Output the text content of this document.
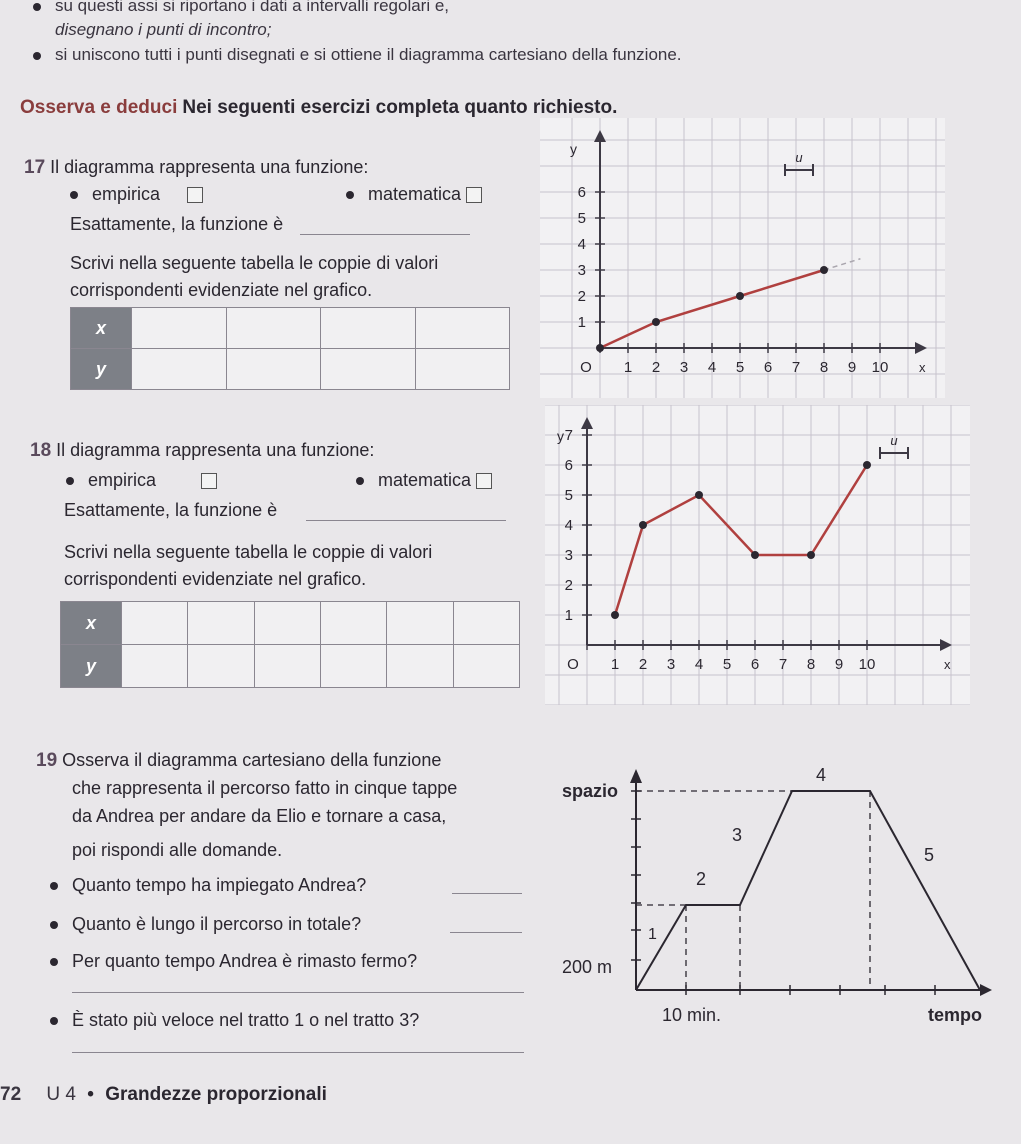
su questi assi si riportano i dati a intervalli regolari e,
disegnano i punti di incontro;
si uniscono tutti i punti disegnati e si ottiene il diagramma cartesiano della funzione.
Osserva e deduci Nei seguenti esercizi completa quanto richiesto.
17 Il diagramma rappresenta una funzione:
empirica	matematica
Esattamente, la funzione è
Scrivi nella seguente tabella le coppie di valori
corrispondenti evidenziate nel grafico.
x				
y					O 1 2 3 4 5 6 7 8 9 10
1
2
3
4
5
6
x
y
u
18 Il diagramma rappresenta una funzione:
empirica	matematica
Esattamente, la funzione è
Scrivi nella seguente tabella le coppie di valori
corrispondenti evidenziate nel grafico.
x						
y							O 1 2 3 4 5 6 7 8 9 10
1
2
3
4
5
6
7
x
y	u
19 Osserva il diagramma cartesiano della funzione
che rappresenta il percorso fatto in cinque tappe
da Andrea per andare da Elio e tornare a casa,
poi rispondi alle domande.
Quanto tempo ha impiegato Andrea?
Quanto è lungo il percorso in totale?
Per quanto tempo Andrea è rimasto fermo?
È stato più veloce nel tratto 1 o nel tratto 3?
spazio
200 m
10 min.	tempo
1
2
3
4
5
72 U 4 • Grandezze proporzionali
